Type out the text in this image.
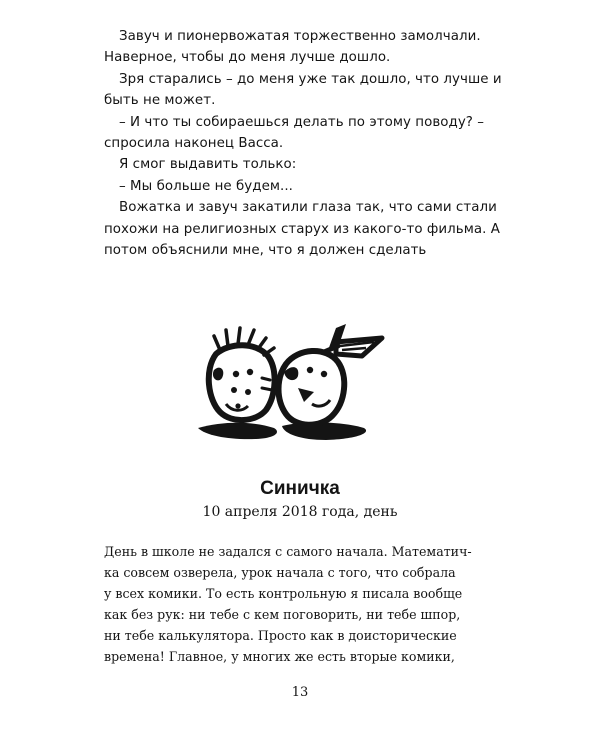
Завуч и пионервожатая торжественно замолчали. Наверное, чтобы до меня лучше дошло.

Зря старались – до меня уже так дошло, что лучше и быть не может.

– И что ты собираешься делать по этому поводу? – спросила наконец Васса.

Я смог выдавить только:

– Мы больше не будем...

Вожатка и завуч закатили глаза так, что сами стали похожи на религиозных старух из какого-то фильма. А потом объяснили мне, что я должен сделать

Синичка
10 апреля 2018 года, день
День в школе не задался с самого начала. Математич-
ка совсем озверела, урок начала с того, что собрала
у всех комики. То есть контрольную я писала вообще
как без рук: ни тебе с кем поговорить, ни тебе шпор,
ни тебе калькулятора. Просто как в доисторические
времена! Главное, у многих же есть вторые комики,
13
